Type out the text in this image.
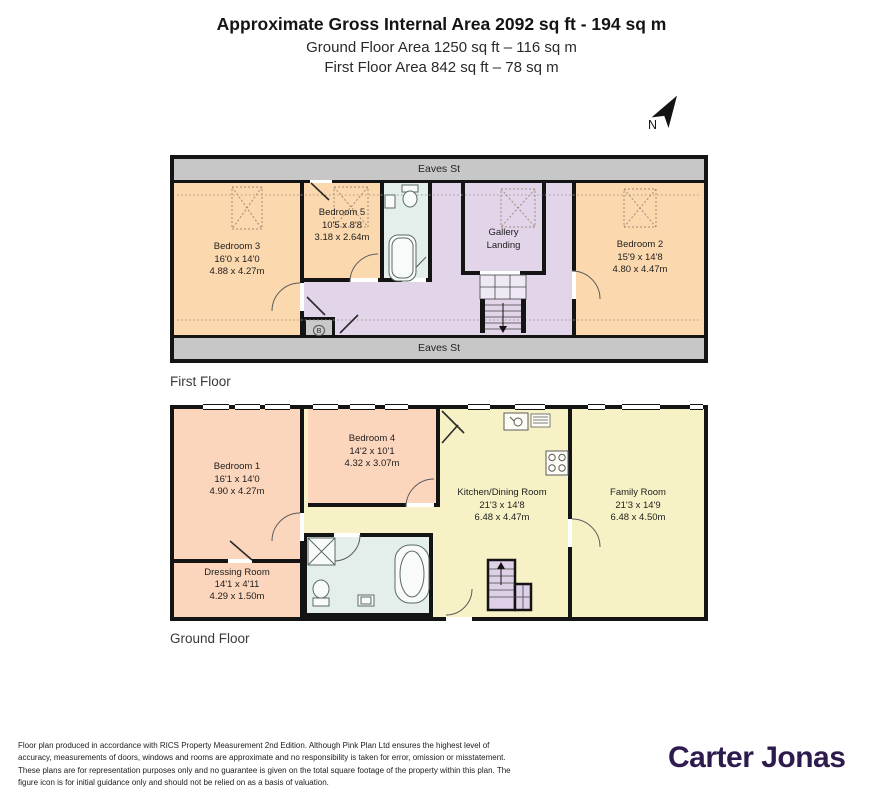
Approximate Gross Internal Area 2092 sq ft - 194 sq m
Ground Floor Area 1250 sq ft – 116 sq m
First Floor Area 842 sq ft – 78 sq m
N
Eaves St
Eaves St
B
Bedroom 3
16'0 x 14'0
4.88 x 4.27m
Bedroom 5
10'5 x 8'8
3.18 x 2.64m	Gallery
Landing	Bedroom 2
15'9 x 14'8
4.80 x 4.47m
First Floor
Bedroom 1
16'1 x 14'0
4.90 x 4.27m
Bedroom 4
14'2 x 10'1
4.32 x 3.07m
Dressing Room
14'1 x 4'11
4.29 x 1.50m
Kitchen/Dining Room
21'3 x 14'8
6.48 x 4.47m
Family Room
21'3 x 14'9
6.48 x 4.50m
Ground Floor
Floor plan produced in accordance with RICS Property Measurement 2nd Edition. Although Pink Plan Ltd ensures the highest level of accuracy, measurements of doors, windows and rooms are approximate and no responsibility is taken for error, omission or misstatement. These plans are for representation purposes only and no guarantee is given on the total square footage of the property within this plan. The figure icon is for initial guidance only and should not be relied on as a basis of valuation.
Carter Jonas
